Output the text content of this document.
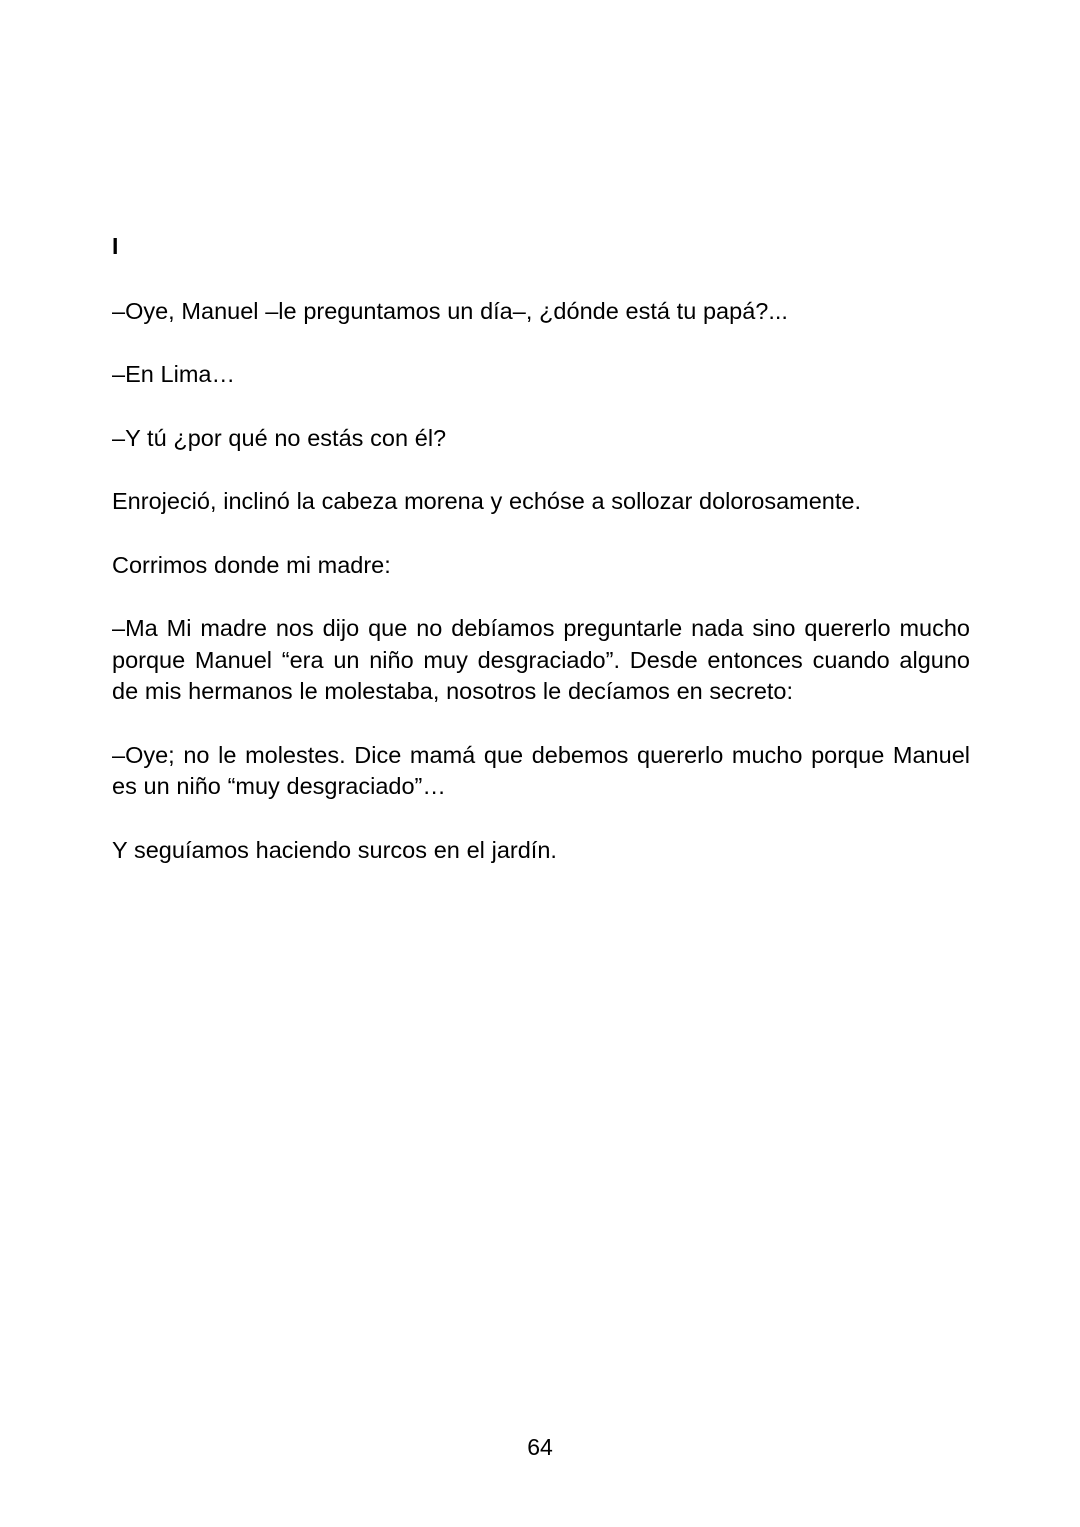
I

–Oye, Manuel –le preguntamos un día–, ¿dónde está tu papá?...

–En Lima…

–Y tú ¿por qué no estás con él?

Enrojeció, inclinó la cabeza morena y echóse a sollozar dolorosamente.

Corrimos donde mi madre:

–Ma Mi madre nos dijo que no debíamos preguntarle nada sino quererlo mucho porque Manuel “era un niño muy desgraciado”. Desde entonces cuando alguno de mis hermanos le molestaba, nosotros le decíamos en secreto:

–Oye; no le molestes. Dice mamá que debemos quererlo mucho porque Manuel es un niño “muy desgraciado”…

Y seguíamos haciendo surcos en el jardín.

64
